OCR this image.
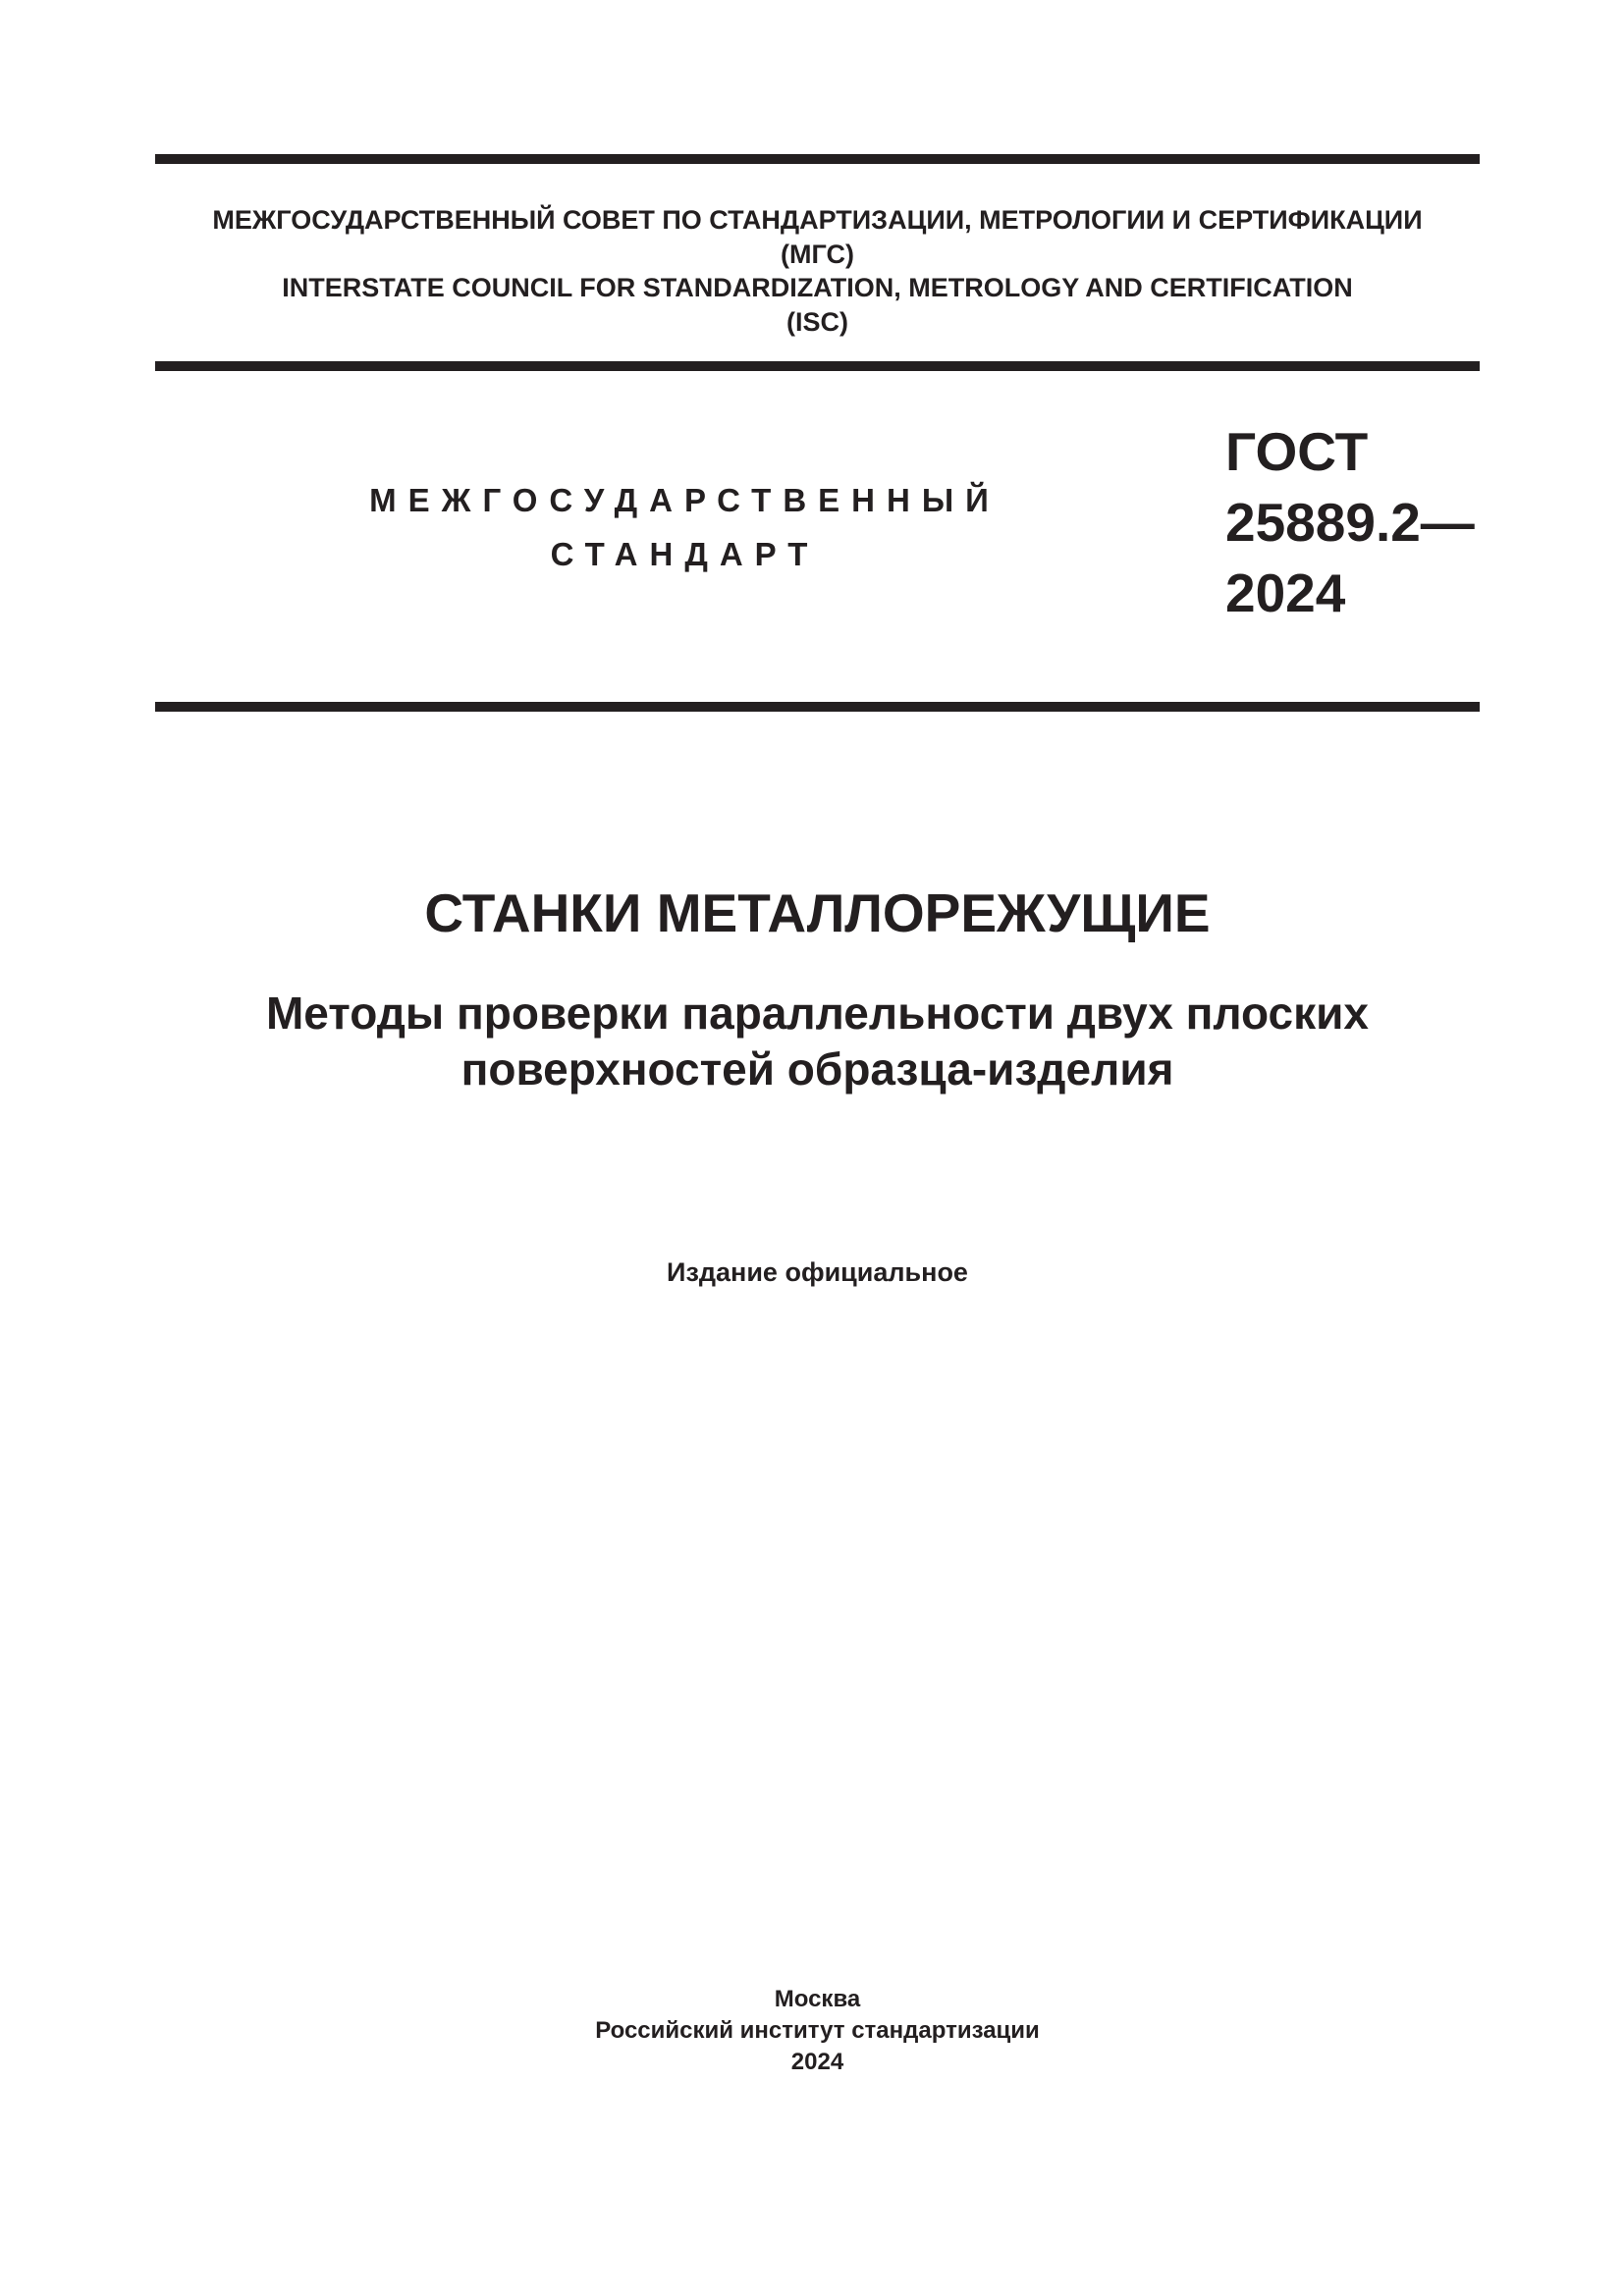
МЕЖГОСУДАРСТВЕННЫЙ СОВЕТ ПО СТАНДАРТИЗАЦИИ, МЕТРОЛОГИИ И СЕРТИФИКАЦИИ
(МГС)
INTERSTATE COUNCIL FOR STANDARDIZATION, METROLOGY AND CERTIFICATION
(ISC)
МЕЖГОСУДАРСТВЕННЫЙ
СТАНДАРТ
ГОСТ
25889.2—
2024
СТАНКИ МЕТАЛЛОРЕЖУЩИЕ
Методы проверки параллельности двух плоских
поверхностей образца-изделия
Издание официальное
Москва
Российский институт стандартизации
2024
